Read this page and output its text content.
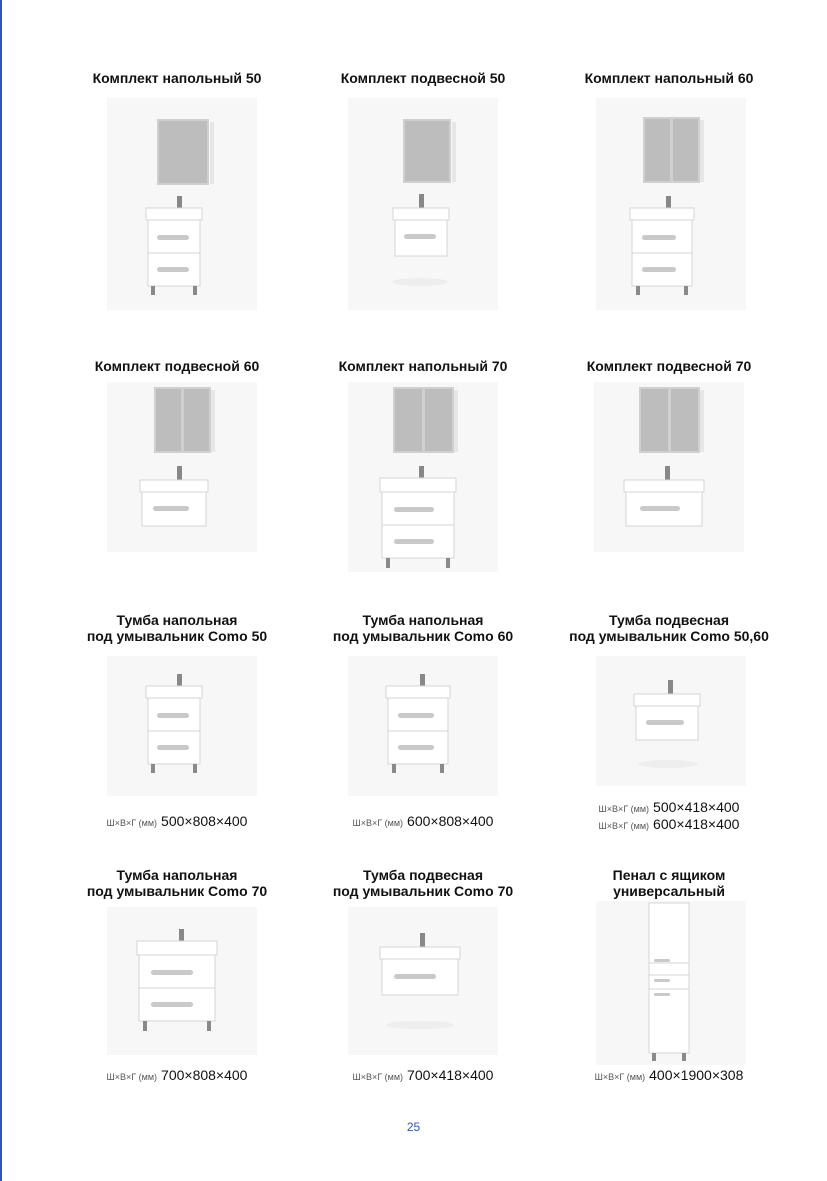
Комплект напольный 50	Комплект подвесной 50	Комплект напольный 60
Комплект подвесной 60	Комплект напольный 70	Комплект подвесной 70
Тумба напольная
под умывальник Como 50
Ш×В×Г (мм) 500×808×400
Тумба напольная
под умывальник Como 60
Ш×В×Г (мм) 600×808×400
Тумба подвесная
под умывальник Como 50,60
Ш×В×Г (мм) 500×418×400
Ш×В×Г (мм) 600×418×400
Тумба напольная
под умывальник Como 70
Ш×В×Г (мм) 700×808×400
Тумба подвесная
под умывальник Como 70
Ш×В×Г (мм) 700×418×400
Пенал с ящиком
универсальный
Ш×В×Г (мм) 400×1900×308
25
